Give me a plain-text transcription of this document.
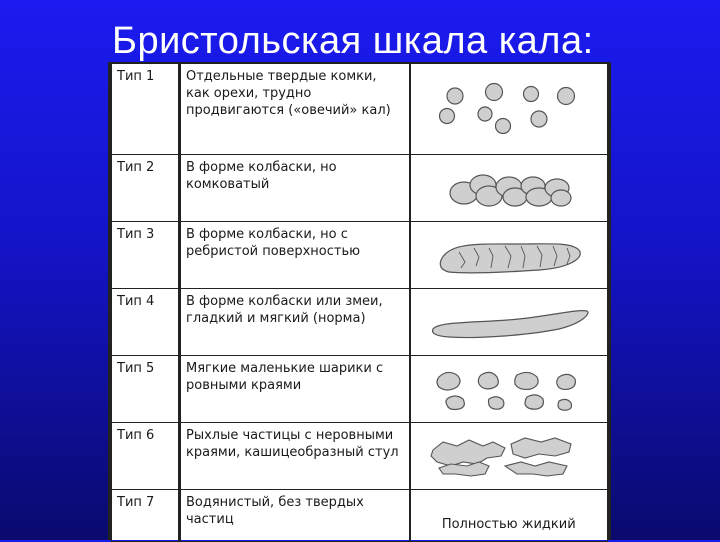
Бристольская шкала кала:
Тип 1	Отдельные твердые комки, как орехи, трудно продвигаются («овечий» кал)	

Тип 2	В форме колбаски, но комковатый	

Тип 3	В форме колбаски, но с ребристой поверхностью	

Тип 4	В форме колбаски или змеи, гладкий и мягкий (норма)	

Тип 5	Мягкие маленькие шарики с ровными краями	

Тип 6	Рыхлые частицы с неровными краями, кашицеобразный стул	

Тип 7	Водянистый, без твердых частиц	Полностью жидкий
